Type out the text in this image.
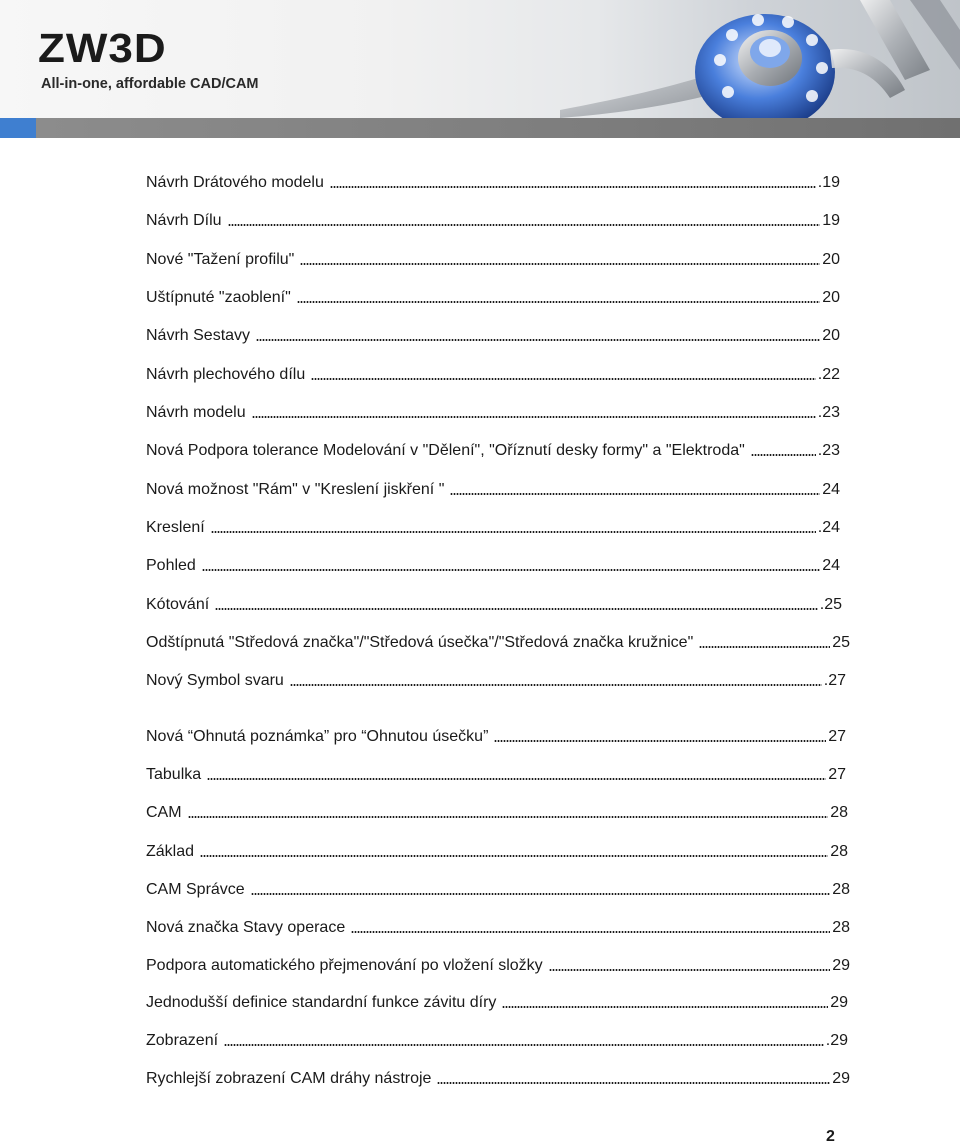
ZW3D
All-in-one, affordable CAD/CAM
Návrh Drátového modelu	.19
Návrh Dílu	19
Nové "Tažení profilu"	20
Uštípnuté "zaoblení"	20
Návrh Sestavy	20
Návrh plechového dílu	.22
Návrh modelu	.23
Nová Podpora tolerance Modelování v "Dělení", "Oříznutí desky formy" a "Elektroda"	.23
Nová možnost "Rám" v "Kreslení jiskření "	24
Kreslení	.24
Pohled	24
Kótování	.25
Odštípnutá "Středová značka"/"Středová úsečka"/"Středová značka kružnice"	25
Nový Symbol svaru	.27
Nová “Ohnutá poznámka” pro “Ohnutou úsečku”	27
Tabulka	27
CAM	28
Základ	28
CAM Správce	28
Nová značka Stavy operace	28
Podpora automatického přejmenování po vložení složky	29
Jednodušší definice standardní funkce závitu díry	29
Zobrazení	.29
Rychlejší zobrazení CAM dráhy nástroje	29
2
